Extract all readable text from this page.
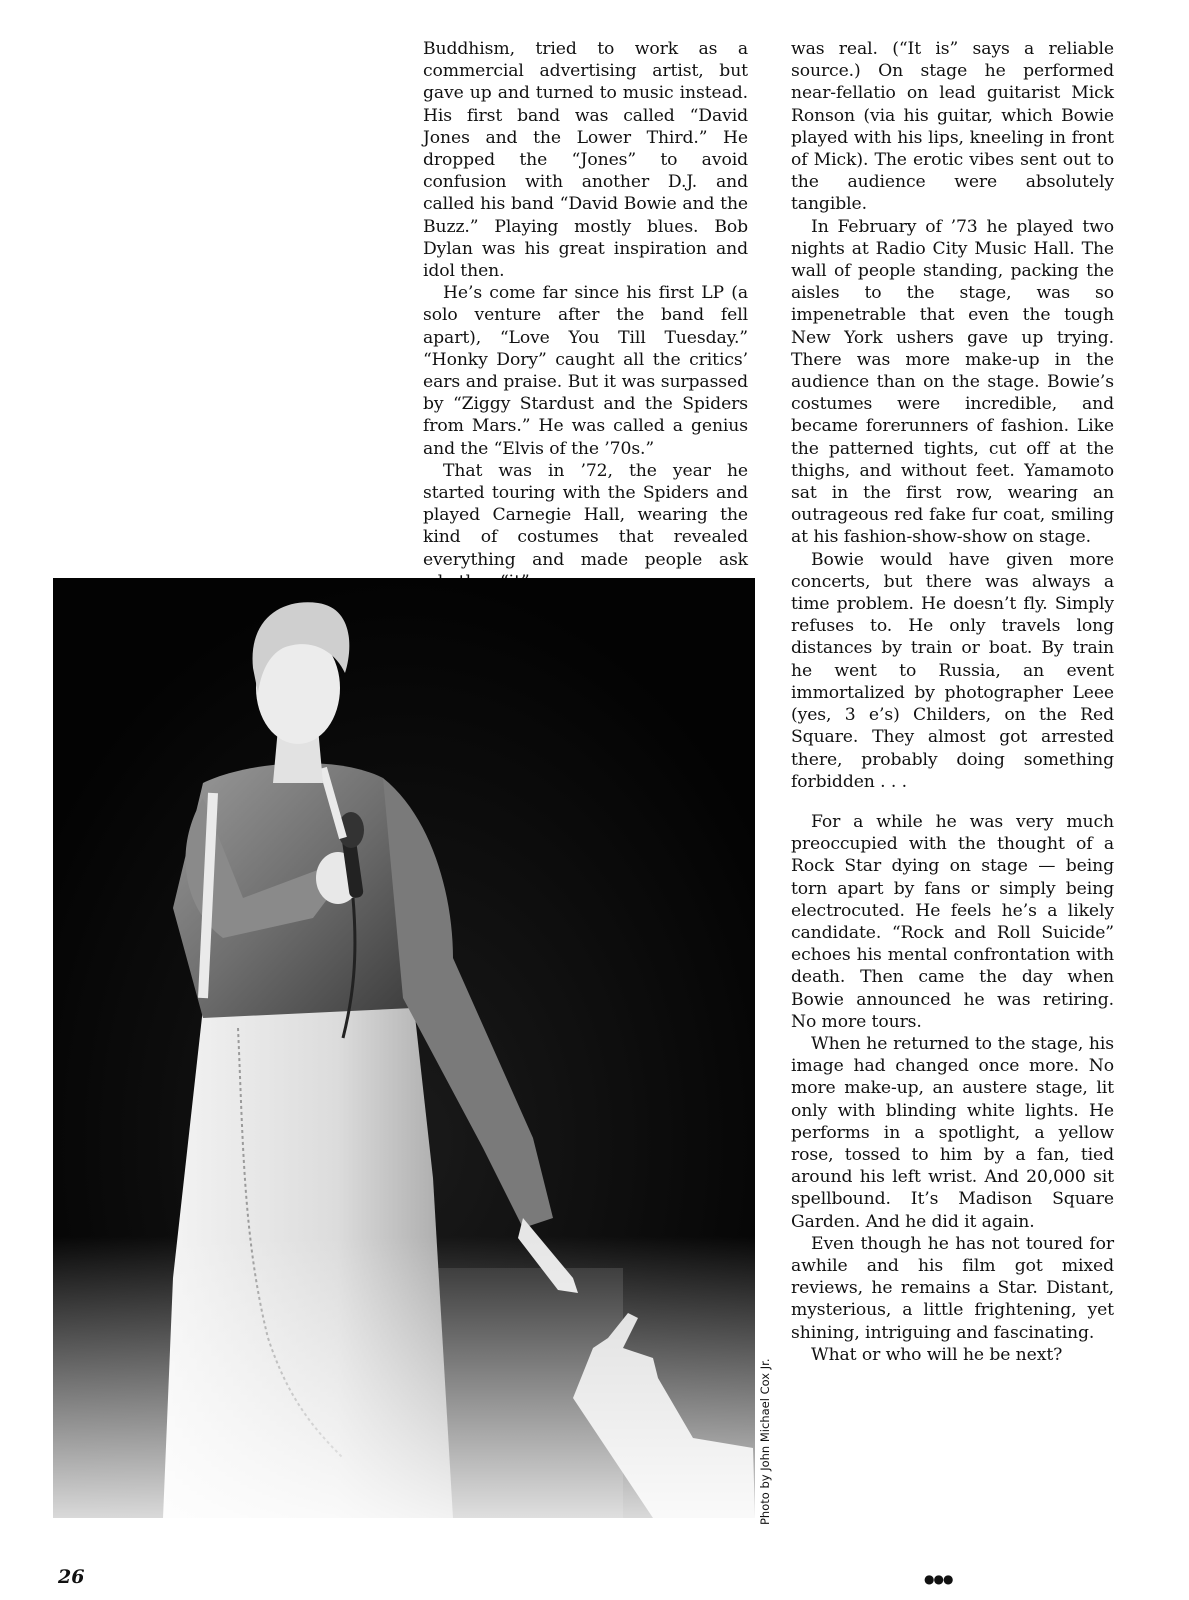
Buddhism, tried to work as a commercial advertising artist, but gave up and turned to music instead. His first band was called “David Jones and the Lower Third.” He dropped the “Jones” to avoid confusion with another D.J. and called his band “David Bowie and the Buzz.” Playing mostly blues. Bob Dylan was his great inspiration and idol then.

He’s come far since his first LP (a solo venture after the band fell apart), “Love You Till Tuesday.” “Honky Dory” caught all the critics’ ears and praise. But it was surpassed by “Ziggy Stardust and the Spiders from Mars.” He was called a genius and the “Elvis of the ’70s.”

That was in ’72, the year he started touring with the Spiders and played Carnegie Hall, wearing the kind of costumes that revealed everything and made people ask

was real. (“It is” says a reliable source.) On stage he performed near-fellatio on lead guitarist Mick Ronson (via his guitar, which Bowie played with his lips, kneeling in front of Mick). The erotic vibes sent out to the audience were absolutely tangible.

In February of ’73 he played two nights at Radio City Music Hall. The wall of people standing, packing the aisles to the stage, was so impenetrable that even the tough New York ushers gave up trying. There was more make-up in the audience than on the stage. Bowie’s costumes were incredible, and became forerunners of fashion. Like the patterned tights, cut off at the thighs, and without feet. Yamamoto sat in the first row, wearing an outrageous red fake fur coat, smiling at his fashion-show-show on stage.

Bowie would have given more concerts, but there was always a time problem. He doesn’t fly. Simply refuses to. He only travels long distances by train or boat. By train he went to Russia, an event immortalized by photographer Leee (yes, 3 e’s) Childers, on the Red Square. They almost got arrested there, probably doing something forbidden . . .

For a while he was very much preoccupied with the thought of a Rock Star dying on stage — being torn apart by fans or simply being electrocuted. He feels he’s a likely candidate. “Rock and Roll Suicide” echoes his mental confrontation with death. Then came the day when Bowie announced he was retiring. No more tours.

When he returned to the stage, his image had changed once more. No more make-up, an austere stage, lit only with blinding white lights. He performs in a spotlight, a yellow rose, tossed to him by a fan, tied around his left wrist. And 20,000 sit spellbound. It’s Madison Square Garden. And he did it again.

Even though he has not toured for awhile and his film got mixed reviews, he remains a Star. Distant, mysterious, a little frightening, yet shining, intriguing and fascinating.

What or who will he be next?

Photo by John Michael Cox Jr.
26	●●●
